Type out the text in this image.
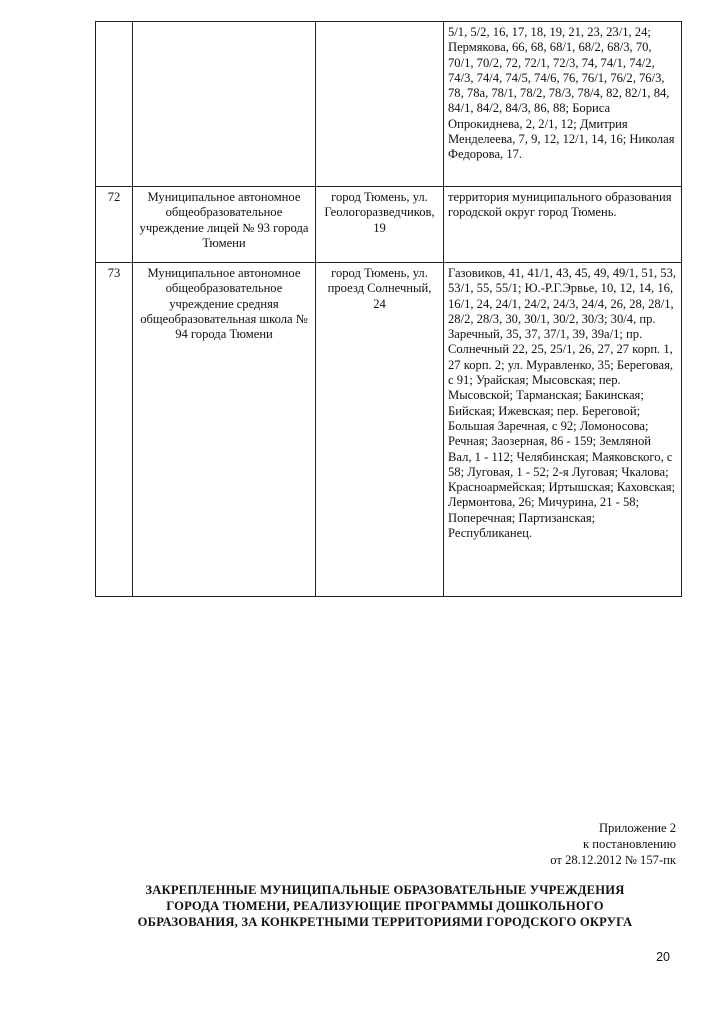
			5/1, 5/2, 16, 17, 18, 19, 21, 23, 23/1, 24; Пермякова, 66, 68, 68/1, 68/2, 68/3, 70, 70/1, 70/2, 72, 72/1, 72/3, 74, 74/1, 74/2, 74/3, 74/4, 74/5, 74/6, 76, 76/1, 76/2, 76/3, 78, 78а, 78/1, 78/2, 78/3, 78/4, 82, 82/1, 84, 84/1, 84/2, 84/3, 86, 88; Бориса Опрокиднева, 2, 2/1, 12; Дмитрия Менделеева, 7, 9, 12, 12/1, 14, 16; Николая Федорова, 17.
72	Муниципальное автономное общеобразовательное учреждение лицей № 93 города Тюмени	город Тюмень, ул. Геологоразведчиков, 19	территория муниципального образования городской округ город Тюмень.
73	Муниципальное автономное общеобразовательное учреждение средняя общеобразовательная школа № 94 города Тюмени	город Тюмень, ул. проезд Солнечный, 24	Газовиков, 41, 41/1, 43, 45, 49, 49/1, 51, 53, 53/1, 55, 55/1; Ю.-Р.Г.Эрвье, 10, 12, 14, 16, 16/1, 24, 24/1, 24/2, 24/3, 24/4, 26, 28, 28/1, 28/2, 28/3, 30, 30/1, 30/2, 30/3; 30/4, пр. Заречный, 35, 37, 37/1, 39, 39а/1; пр. Солнечный 22, 25, 25/1, 26, 27, 27 корп. 1, 27 корп. 2; ул. Муравленко, 35; Береговая, с 91; Урайская; Мысовская; пер. Мысовской; Тарманская; Бакинская; Бийская; Ижевская; пер. Береговой; Большая Заречная, с 92; Ломоносова; Речная; Заозерная, 86 - 159; Земляной Вал, 1 - 112; Челябинская; Маяковского, с 58; Луговая, 1 - 52; 2-я Луговая; Чкалова; Красноармейская; Иртышская; Каховская; Лермонтова, 26; Мичурина, 21 - 58; Поперечная; Партизанская; Республиканец.
Приложение 2
к постановлению
от 28.12.2012 № 157-пк
ЗАКРЕПЛЕННЫЕ МУНИЦИПАЛЬНЫЕ ОБРАЗОВАТЕЛЬНЫЕ УЧРЕЖДЕНИЯ
ГОРОДА ТЮМЕНИ, РЕАЛИЗУЮЩИЕ ПРОГРАММЫ ДОШКОЛЬНОГО
ОБРАЗОВАНИЯ, ЗА КОНКРЕТНЫМИ ТЕРРИТОРИЯМИ ГОРОДСКОГО ОКРУГА
20
